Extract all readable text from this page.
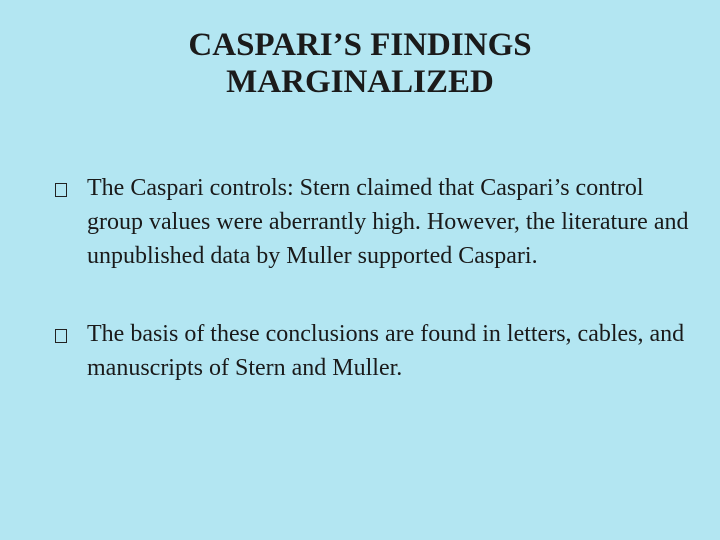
CASPARI’S FINDINGS
MARGINALIZED
The Caspari controls: Stern claimed that Caspari’s control group values were aberrantly high. However, the literature and unpublished data by Muller supported Caspari.
The basis of these conclusions are found in letters, cables, and manuscripts of Stern and Muller.
